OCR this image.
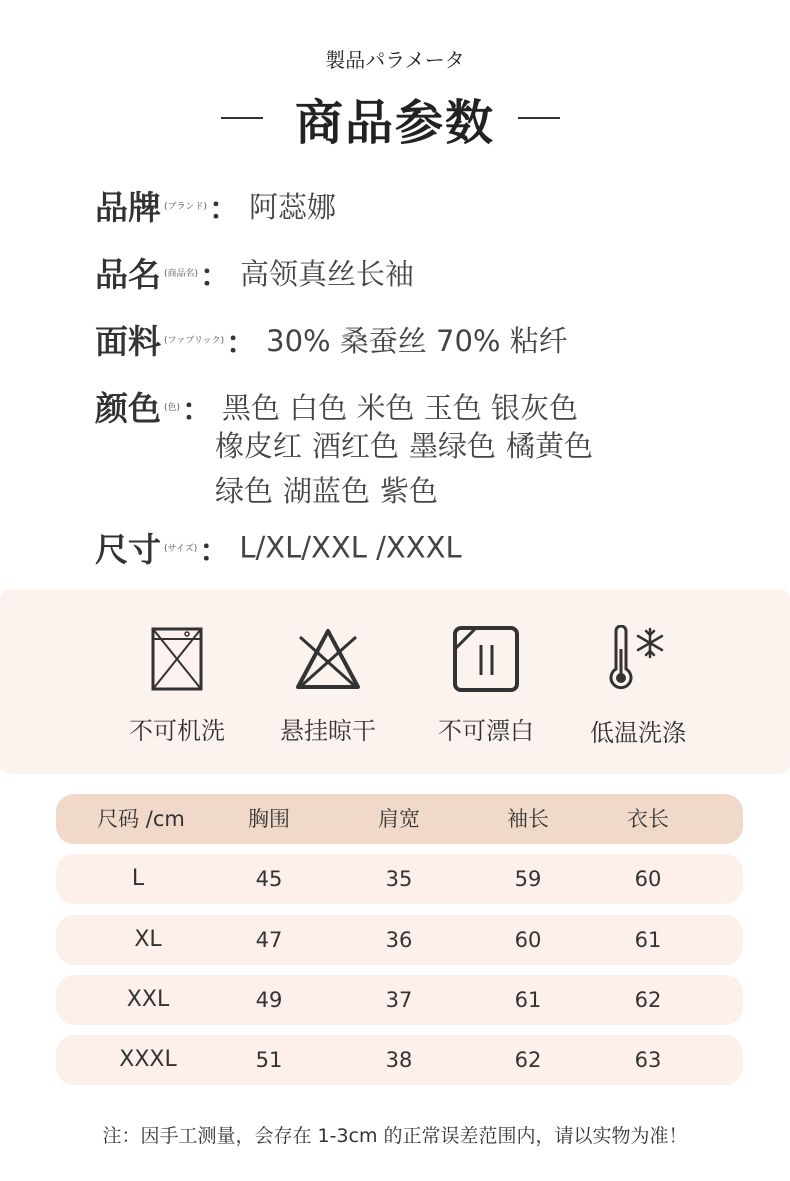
製品パラメータ
商品参数
品牌 (ブランド)： 阿蕊娜
品名 (商品名)： 高领真丝长袖
面料 (ファブリック)： 30% 桑蚕丝 70% 粘纤
颜色 (色)： 黑色 白色 米色 玉色 银灰色
橡皮红 酒红色 墨绿色 橘黄色
绿色 湖蓝色 紫色
尺寸 (サイズ)： L/XL/XXL /XXXL
不可机洗	悬挂晾干	不可漂白	低温洗涤
尺码 /cm	胸围	肩宽	袖长	衣长
L	45	35	59	60
XL	47	36	60	61
XXL	49	37	61	62
XXXL	51	38	62	63
注：因手工测量，会存在 1-3cm 的正常误差范围内，请以实物为准！
